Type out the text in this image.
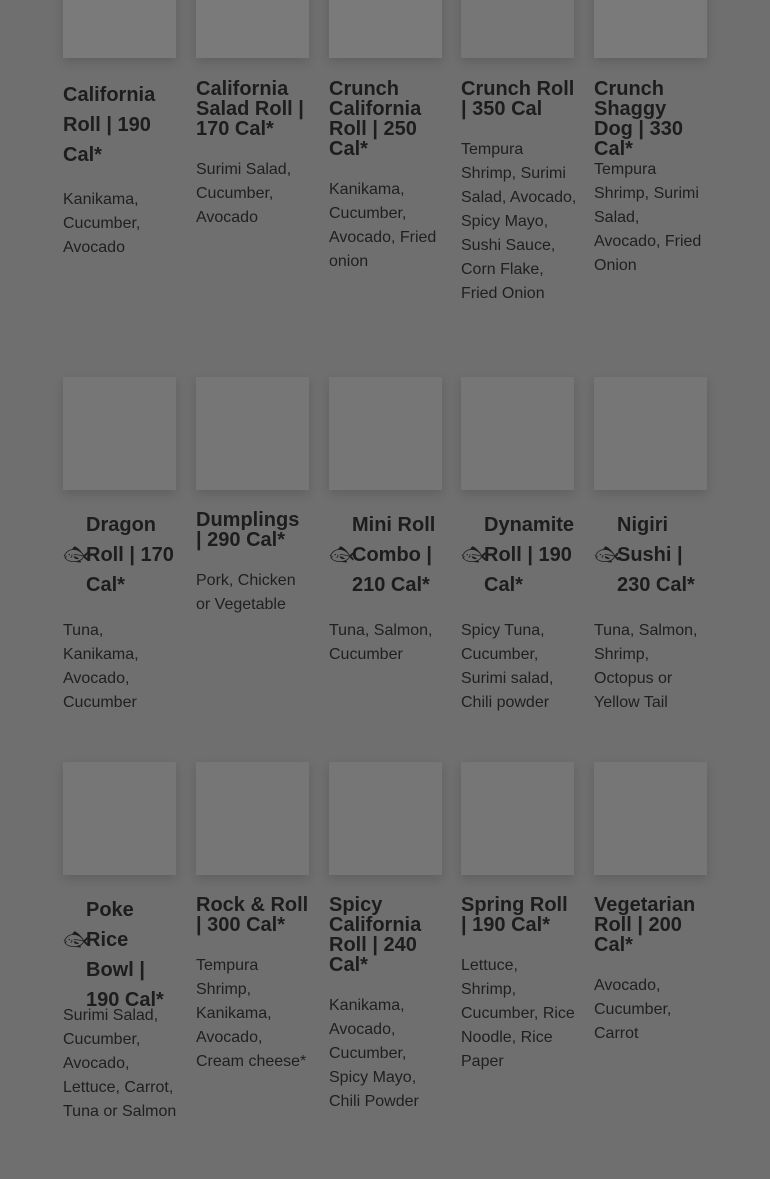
California Roll | 190 Cal*

Kanikama, Cucumber, Avocado

California Salad Roll | 170 Cal*

Surimi Salad, Cucumber, Avocado

Crunch California Roll | 250 Cal*

Kanikama, Cucumber, Avocado, Fried onion

Crunch Roll | 350 Cal

Tempura Shrimp, Surimi Salad, Avocado, Spicy Mayo, Sushi Sauce, Corn Flake, Fried Onion

Crunch Shaggy Dog | 330 Cal*

Tempura Shrimp, Surimi Salad, Avocado, Fried Onion

🐟︎
Dragon Roll | 170 Cal*

Tuna, Kanikama, Avocado, Cucumber

Dumplings | 290 Cal*

Pork, Chicken or Vegetable

🐟︎
Mini Roll Combo | 210 Cal*

Tuna, Salmon, Cucumber

🐟︎
Dynamite Roll | 190 Cal*

Spicy Tuna, Cucumber, Surimi salad, Chili powder

🐟︎
Nigiri Sushi | 230 Cal*

Tuna, Salmon, Shrimp, Octopus or Yellow Tail

🐟︎
Poke Rice Bowl | 190 Cal*

Surimi Salad, Cucumber, Avocado, Lettuce, Carrot, Tuna or Salmon

Rock & Roll | 300 Cal*

Tempura Shrimp, Kanikama, Avocado, Cream cheese*

Spicy California Roll | 240 Cal*

Kanikama, Avocado, Cucumber, Spicy Mayo, Chili Powder

Spring Roll | 190 Cal*

Lettuce, Shrimp, Cucumber, Rice Noodle, Rice Paper

Vegetarian Roll | 200 Cal*

Avocado, Cucumber, Carrot
